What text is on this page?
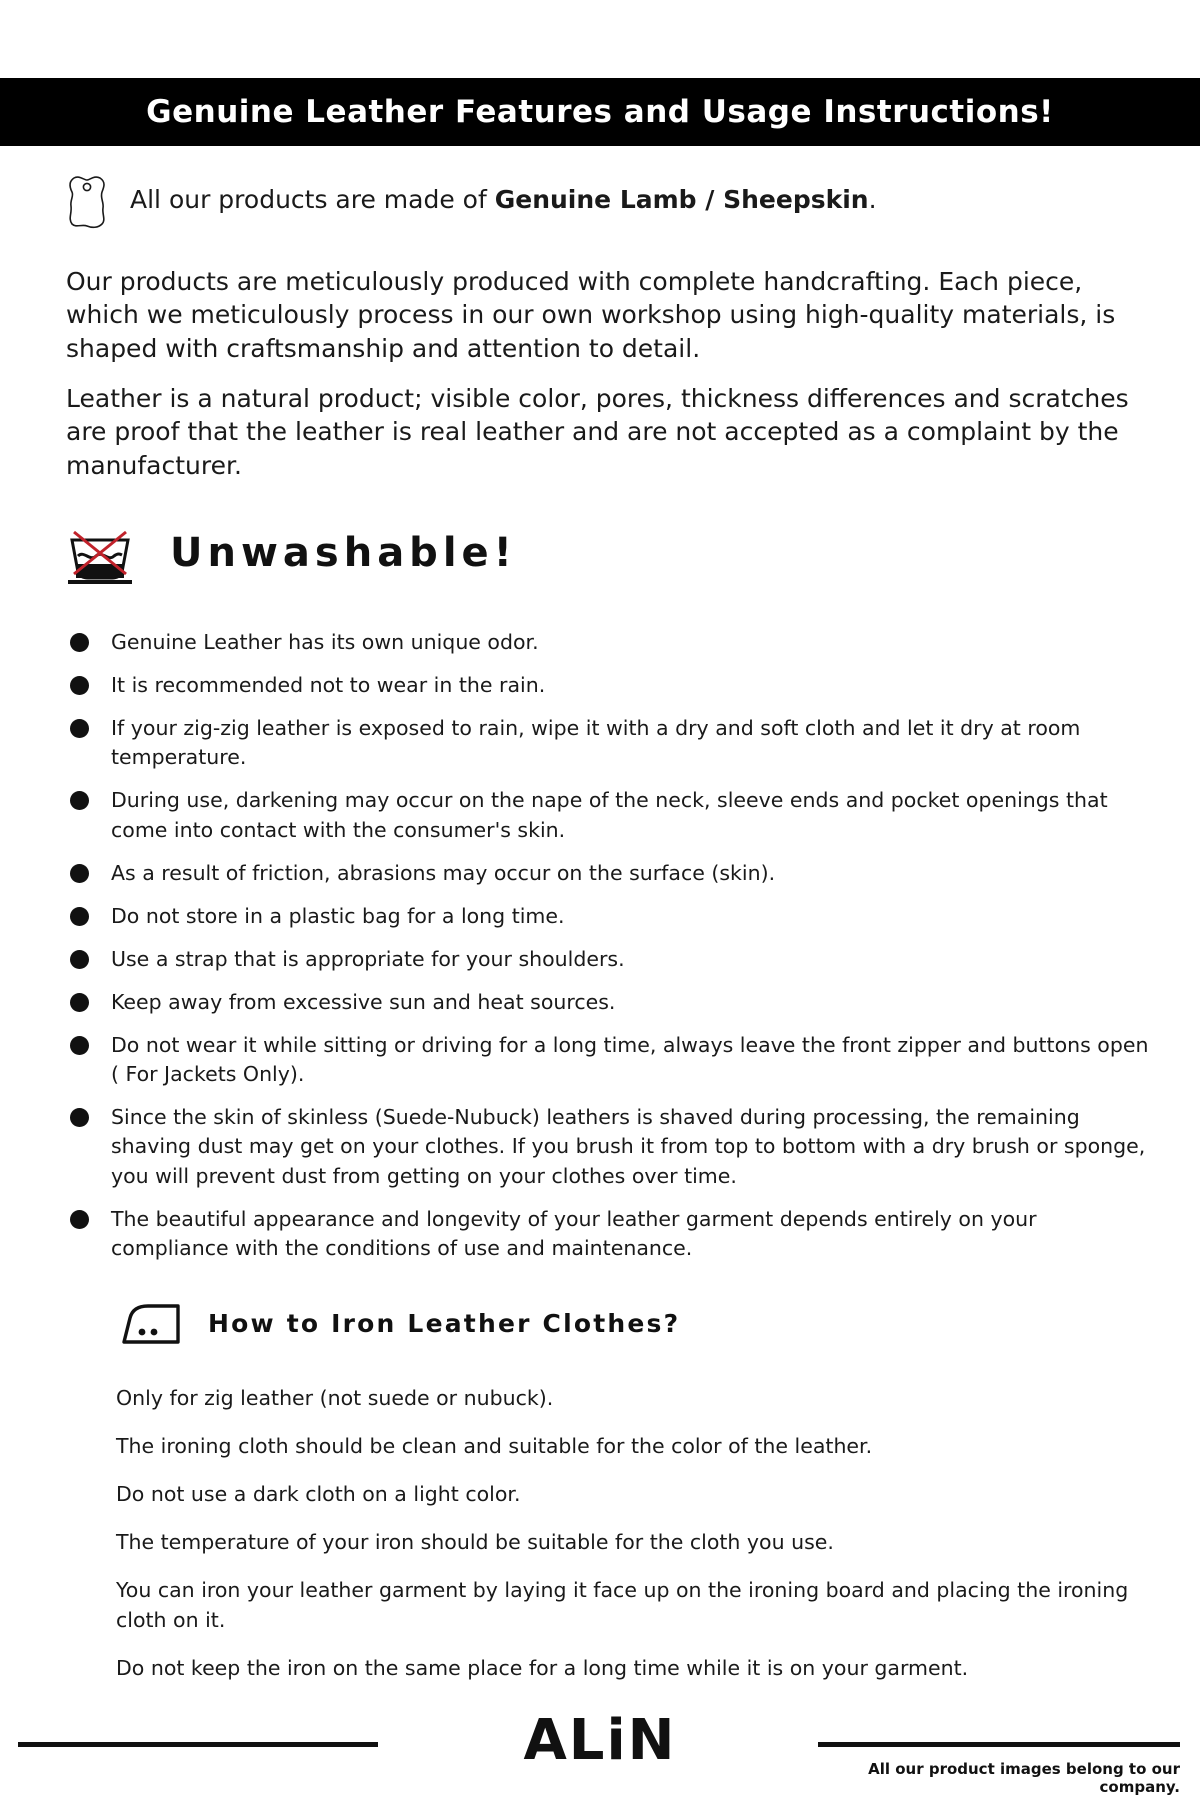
Genuine Leather Features and Usage Instructions!
All our products are made of Genuine Lamb / Sheepskin.
Our products are meticulously produced with complete handcrafting. Each piece, which we meticulously process in our own workshop using high-quality materials, is shaped with craftsmanship and attention to detail.
Leather is a natural product; visible color, pores, thickness differences and scratches are proof that the leather is real leather and are not accepted as a complaint by the manufacturer.
Unwashable!
Genuine Leather has its own unique odor.
It is recommended not to wear in the rain.
If your zig-zig leather is exposed to rain, wipe it with a dry and soft cloth and let it dry at room temperature.
During use, darkening may occur on the nape of the neck, sleeve ends and pocket openings that come into contact with the consumer's skin.
As a result of friction, abrasions may occur on the surface (skin).
Do not store in a plastic bag for a long time.
Use a strap that is appropriate for your shoulders.
Keep away from excessive sun and heat sources.
Do not wear it while sitting or driving for a long time, always leave the front zipper and buttons open ( For Jackets Only).
Since the skin of skinless (Suede-Nubuck) leathers is shaved during processing, the remaining shaving dust may get on your clothes. If you brush it from top to bottom with a dry brush or sponge, you will prevent dust from getting on your clothes over time.
The beautiful appearance and longevity of your leather garment depends entirely on your compliance with the conditions of use and maintenance.
How to Iron Leather Clothes?
Only for zig leather (not suede or nubuck).
The ironing cloth should be clean and suitable for the color of the leather.
Do not use a dark cloth on a light color.
The temperature of your iron should be suitable for the cloth you use.
You can iron your leather garment by laying it face up on the ironing board and placing the ironing cloth on it.
Do not keep the iron on the same place for a long time while it is on your garment.
ALiN	All our product images belong to our company.
